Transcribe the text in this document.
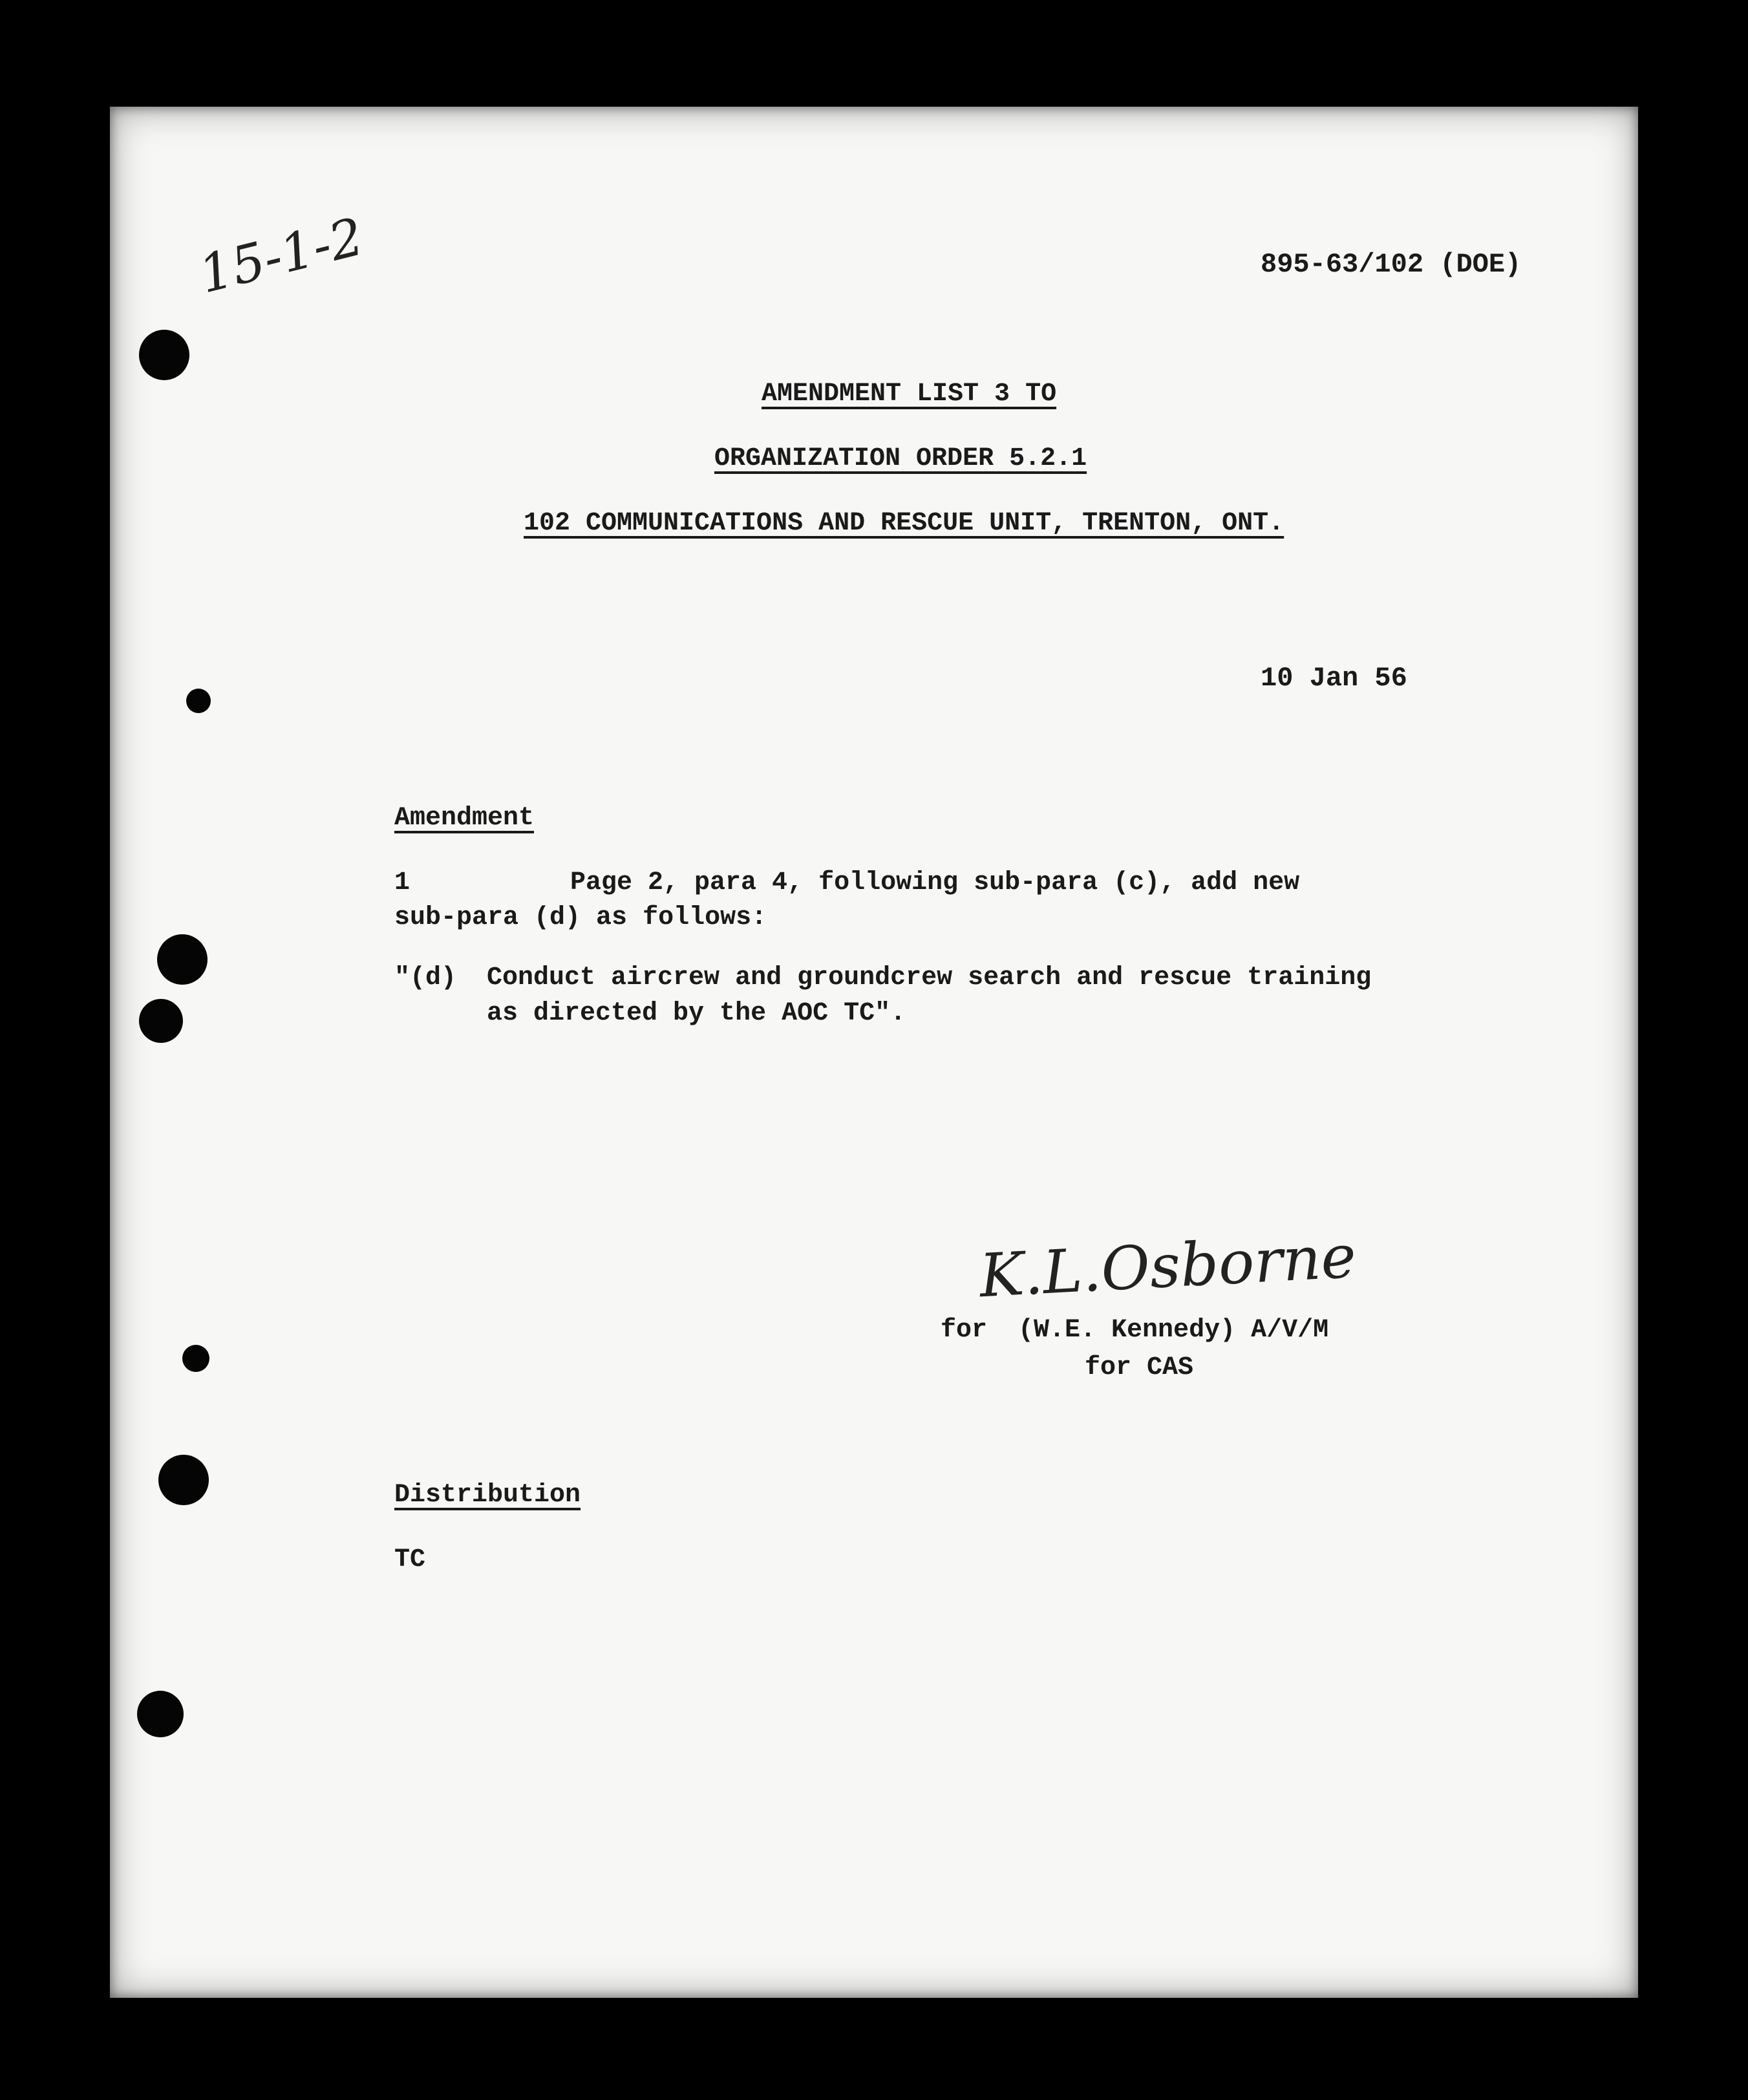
15-1-2	895-63/102 (DOE)
AMENDMENT LIST 3 TO
ORGANIZATION ORDER 5.2.1
102 COMMUNICATIONS AND RESCUE UNIT, TRENTON, ONT.
10 Jan 56
Amendment
1	Page 2, para 4, following sub-para (c), add new
sub-para (d) as follows:
"(d) Conduct aircrew and groundcrew search and rescue training
as directed by the AOC TC".
K.L.Osborne
for  (W.E. Kennedy) A/V/M
for CAS
Distribution
TC
